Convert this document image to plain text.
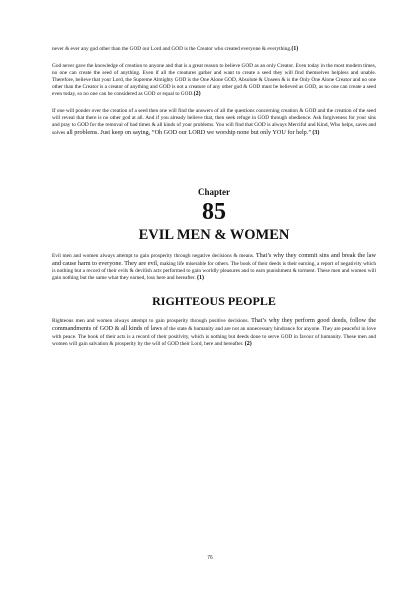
never & ever any god other than the GOD our Lord and GOD is the Creator who created everyone & everything.(1)

God never gave the knowledge of creation to anyone and that is a great reason to believe GOD as an only Creator. Even today in the most modern times, no one can create the seed of anything. Even if all the creatures gather and want to create a seed they will find themselves helpless and unable. Therefore, believe that your Lord, the Supreme Almighty GOD is the One Alone GOD, Absolute & Unseen & is the Only One Alone Creator and no one other than the Creator is a creator of anything and GOD is not a creature of any other god & GOD must be believed as GOD, as no one can create a seed even today, so no one can be considered as GOD or equal to GOD.(2)

If one will ponder over the creation of a seed then one will find the answers of all the questions concerning creation & GOD and the creation of the seed will reveal that there is no other god at all. And if you already believe that, then seek refuge in GOD through obedience. Ask forgiveness for your sins and pray to GOD for the removal of bad times & all kinds of your problems. You will find that GOD is always Merciful and Kind, Who helps, saves and solves all problems. Just keep on saying, “Oh GOD our LORD we worship none but only YOU for help.” (3)

Chapter
85
EVIL MEN & WOMEN

Evil men and women always attempt to gain prosperity through negative decisions & means. That’s why they commit sins and break the law and cause harm to everyone. They are evil, making life miserable for others. The book of their deeds is their earning, a report of negativity which is nothing but a record of their evils & devilish acts performed to gain worldly pleasures and to earn punishment & torment. These men and women will gain nothing but the same what they earned, loss here and hereafter. (1)

RIGHTEOUS PEOPLE

Righteous men and women always attempt to gain prosperity through positive decisions. That’s why they perform good deeds, follow the commandments of GOD & all kinds of laws of the state & humanity and are not an unnecessary hindrance for anyone. They are peaceful in love with peace. The book of their acts is a record of their positivity, which is nothing but deeds done to serve GOD in favour of humanity. These men and women will gain salvation & prosperity by the will of GOD their Lord, here and hereafter. (2)

76
